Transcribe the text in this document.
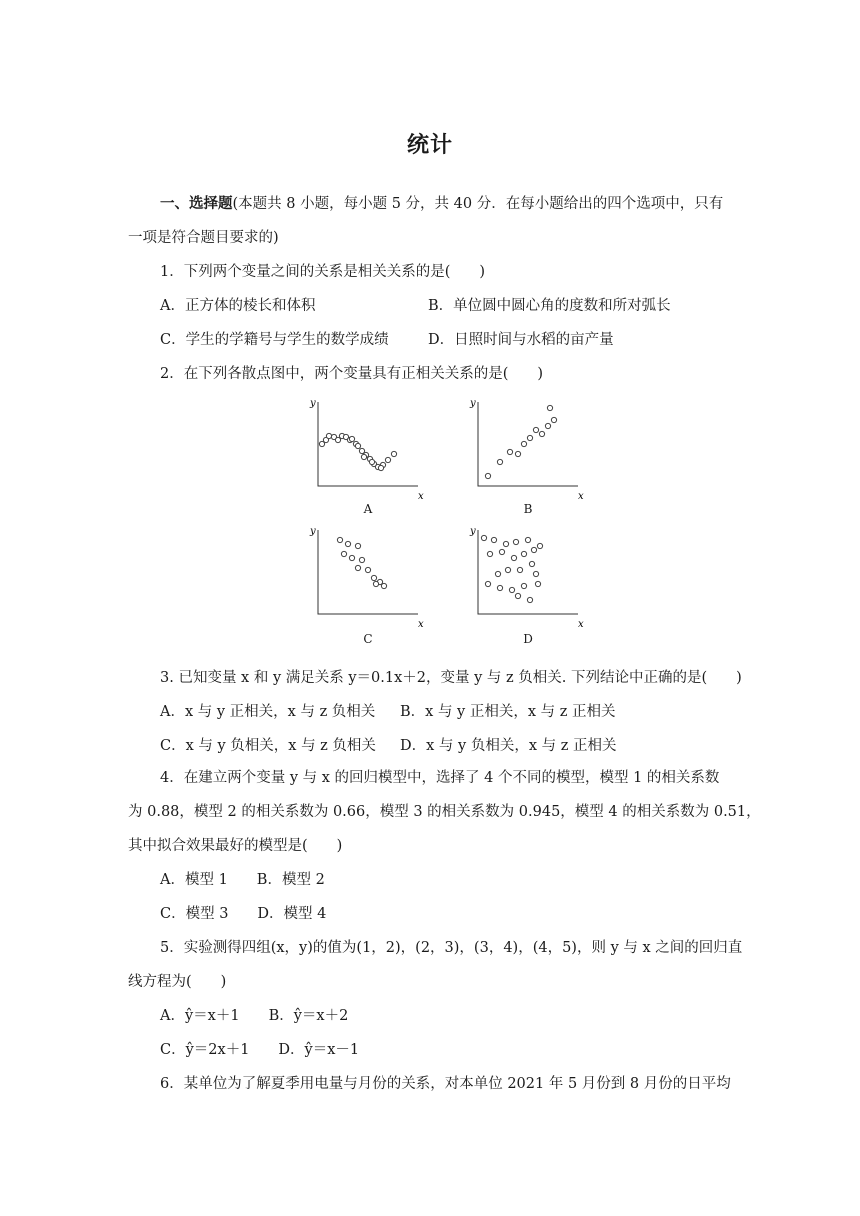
统计
一、选择题(本题共 8 小题，每小题 5 分，共 40 分．在每小题给出的四个选项中，只有
一项是符合题目要求的)
1．下列两个变量之间的关系是相关关系的是(　　)
A．正方体的棱长和体积	B．单位圆中圆心角的度数和所对弧长
C．学生的学籍号与学生的数学成绩	D．日照时间与水稻的亩产量
2．在下列各散点图中，两个变量具有正相关关系的是(　　)
y
x
y
x
y
x
y
x
A	B
C	D
3. 已知变量 x 和 y 满足关系 y＝0.1x＋2，变量 y 与 z 负相关. 下列结论中正确的是(　　)
A．x 与 y 正相关，x 与 z 负相关 B．x 与 y 正相关，x 与 z 正相关
C．x 与 y 负相关，x 与 z 负相关 D．x 与 y 负相关，x 与 z 正相关
4．在建立两个变量 y 与 x 的回归模型中，选择了 4 个不同的模型，模型 1 的相关系数
为 0.88，模型 2 的相关系数为 0.66，模型 3 的相关系数为 0.945，模型 4 的相关系数为 0.51，
其中拟合效果最好的模型是(　　)
A．模型 1　　B．模型 2
C．模型 3　　D．模型 4
5．实验测得四组(x，y)的值为(1，2)，(2，3)，(3，4)，(4，5)，则 y 与 x 之间的回归直
线方程为(　　)
A．ŷ＝x＋1　　B．ŷ＝x＋2
C．ŷ＝2x＋1　　D．ŷ＝x－1
6．某单位为了解夏季用电量与月份的关系，对本单位 2021 年 5 月份到 8 月份的日平均
